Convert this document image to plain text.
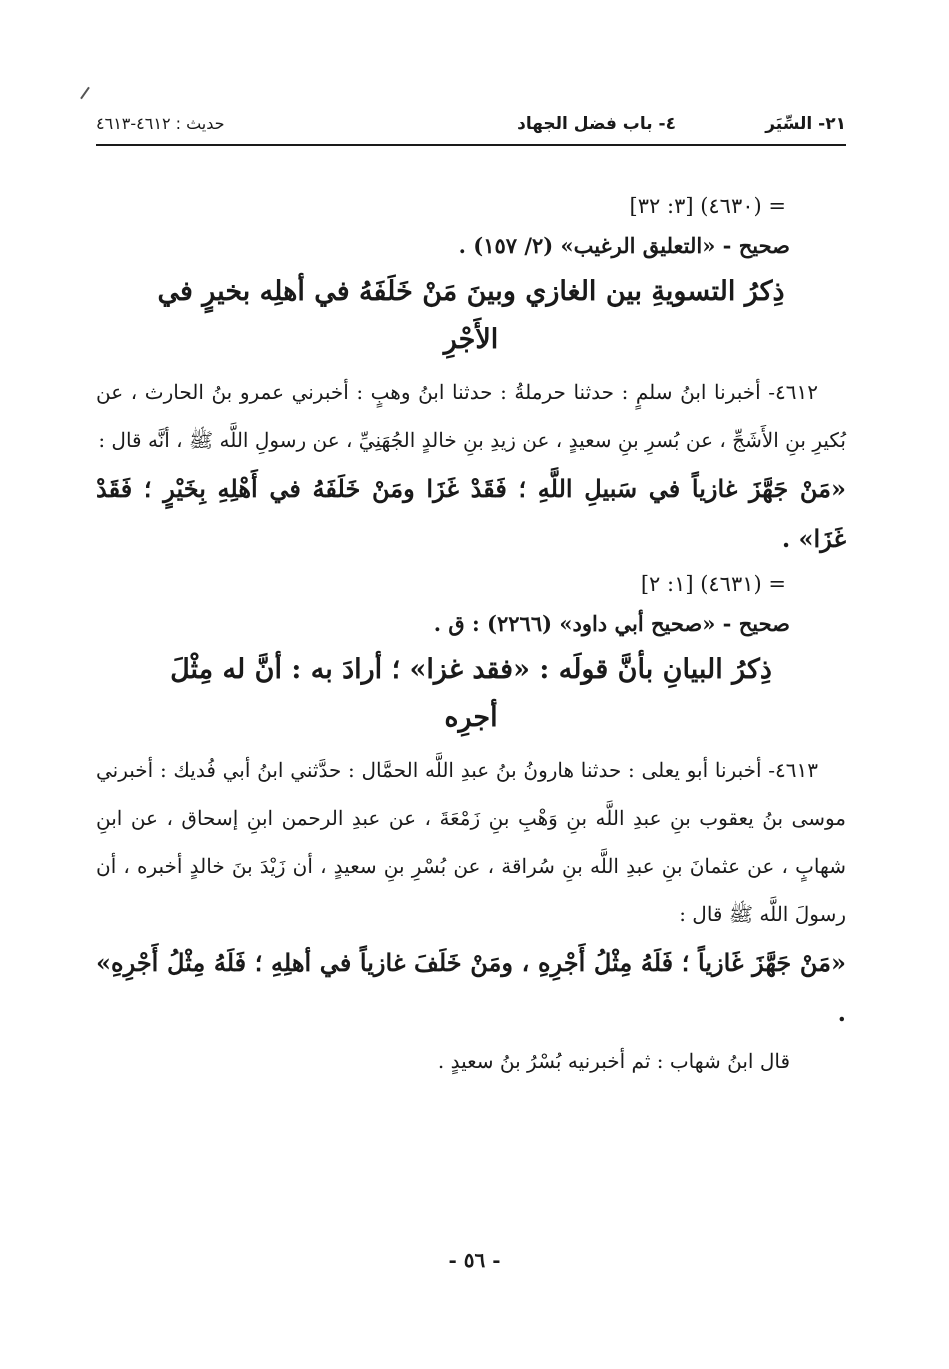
٢١- السِّيَر
٤- باب فضل الجهاد
حديث : ٤٦١٢-٤٦١٣

= (٤٦٣٠) [٣: ٣٢]

صحيح - «التعليق الرغيب» (٢/ ١٥٧) .

ذِكرُ التسويةِ بين الغازي وبينَ مَنْ خَلَفَهُ في أهلِه بخيرٍ في الأَجْرِ

٤٦١٢- أخبرنا ابنُ سلمٍ : حدثنا حرملةُ : حدثنا ابنُ وهبٍ : أخبرني عمرو بنُ الحارث ، عن بُكيرِ بنِ الأَشَجِّ ، عن بُسرِ بنِ سعيدٍ ، عن زيدِ بنِ خالدٍ الجُهَنِيِّ ، عن رسولِ اللَّه ﷺ ، أنَّه قال :

«مَنْ جَهَّزَ غازياً في سَبيلِ اللَّهِ ؛ فَقَدْ غَزَا ومَنْ خَلَفَهُ في أَهْلِهِ بِخَيْرٍ ؛ فَقَدْ غَزَا» .

= (٤٦٣١) [١: ٢]

صحيح - «صحيح أبي داود» (٢٢٦٦) : ق .

ذِكرُ البيانِ بأنَّ قولَه : «فقد غزا» ؛ أرادَ به : أنَّ له مِثْلَ أجرِه

٤٦١٣- أخبرنا أبو يعلى : حدثنا هارونُ بنُ عبدِ اللَّه الحمَّال : حدَّثني ابنُ أبي فُديك : أخبرني موسى بنُ يعقوب بنِ عبدِ اللَّه بنِ وَهْبِ بنِ زَمْعَةَ ، عن عبدِ الرحمن ابنِ إسحاق ، عن ابنِ شهابٍ ، عن عثمانَ بنِ عبدِ اللَّه بنِ سُراقة ، عن بُسْرِ بنِ سعيدٍ ، أن زَيْدَ بنَ خالدٍ أخبره ، أن رسولَ اللَّه ﷺ قال :

«مَنْ جَهَّزَ غَازياً ؛ فَلَهُ مِثْلُ أَجْرِهِ ، ومَنْ خَلَفَ غازياً في أهلِهِ ؛ فَلَهُ مِثْلُ أَجْرِهِ» .

قال ابنُ شهاب : ثم أخبرنيه بُسْرُ بنُ سعيدٍ .

- ٥٦ -
